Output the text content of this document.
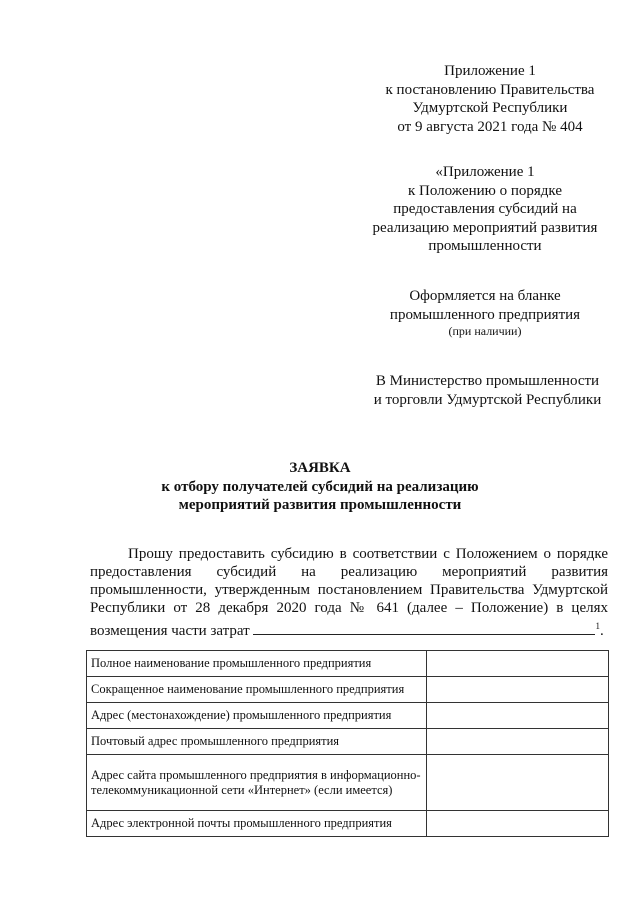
Приложение 1
к постановлению Правительства
Удмуртской Республики
от 9 августа 2021 года № 404
«Приложение 1
к Положению о порядке
предоставления субсидий на
реализацию мероприятий развития
промышленности
Оформляется на бланке
промышленного предприятия
(при наличии)
В Министерство промышленности
и торговли Удмуртской Республики
ЗАЯВКА
к отбору получателей субсидий на реализацию
мероприятий развития промышленности
Прошу предоставить субсидию в соответствии с Положением о порядке
предоставления субсидий на реализацию мероприятий развития
промышленности, утвержденным постановлением Правительства Удмуртской
Республики от 28 декабря 2020 года № 641 (далее – Положение) в целях
возмещения части затрат	$^1$.
Полное наименование промышленного предприятия	
Сокращенное наименование промышленного предприятия	
Адрес (местонахождение) промышленного предприятия	
Почтовый адрес промышленного предприятия	
Адрес сайта промышленного предприятия в информационно-телекоммуникационной сети «Интернет» (если имеется)	
Адрес электронной почты промышленного предприятия	
